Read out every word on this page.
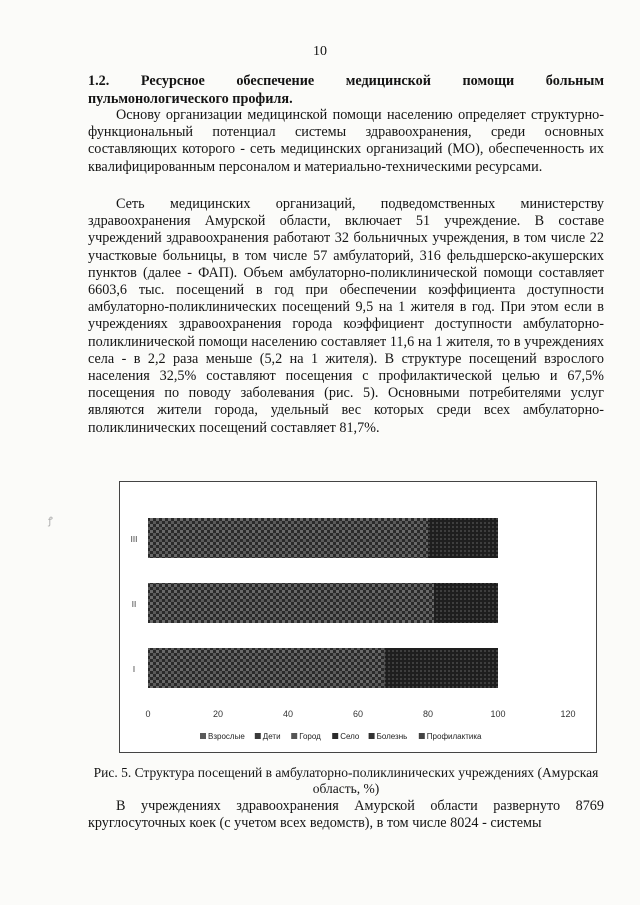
10
1.2. Ресурсное обеспечение медицинской помощи больным пульмонологического профиля.
Основу организации медицинской помощи населению определяет структурно-функциональный потенциал системы здравоохранения, среди основных составляющих которого - сеть медицинских организаций (МО), обеспеченность их квалифицированным персоналом и материально-техническими ресурсами.
Сеть медицинских организаций, подведомственных министерству здравоохранения Амурской области, включает 51 учреждение. В составе учреждений здравоохранения работают 32 больничных учреждения, в том числе 22 участковые больницы, в том числе 57 амбулаторий, 316 фельдшерско-акушерских пунктов (далее - ФАП). Объем амбулаторно-поликлинической помощи составляет 6603,6 тыс. посещений в год при обеспечении коэффициента доступности амбулаторно-поликлинических посещений 9,5 на 1 жителя в год. При этом если в учреждениях здравоохранения города коэффициент доступности амбулаторно-поликлинической помощи населению составляет 11,6 на 1 жителя, то в учреждениях села - в 2,2 раза меньше (5,2 на 1 жителя). В структуре посещений взрослого населения 32,5% составляют посещения с профилактической целью и 67,5% посещения по поводу заболевания (рис. 5). Основными потребителями услуг являются жители города, удельный вес которых среди всех амбулаторно-поликлинических посещений составляет 81,7%.
ꝭ
I
II
III
0	20	40	60	80	100	120
Взрослые Дети Город Село Болезнь Профилактика
Рис. 5. Структура посещений в амбулаторно-поликлинических учреждениях (Амурская область, %)
В учреждениях здравоохранения Амурской области развернуто 8769 круглосуточных коек (с учетом всех ведомств), в том числе 8024 - системы
